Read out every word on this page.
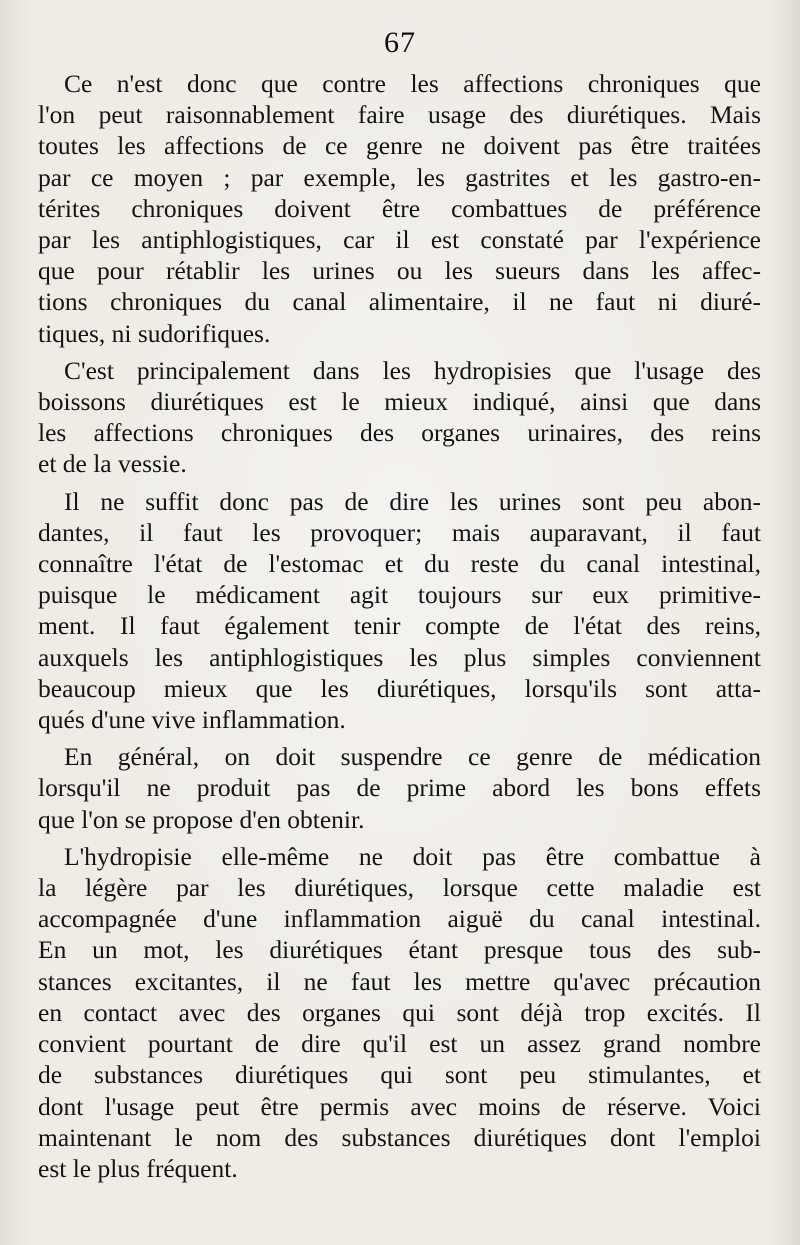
67

Ce n'est donc que contre les affections chroniques que
l'on peut raisonnablement faire usage des diurétiques. Mais
toutes les affections de ce genre ne doivent pas être traitées
par ce moyen ; par exemple, les gastrites et les gastro-en-
térites chroniques doivent être combattues de préférence
par les antiphlogistiques, car il est constaté par l'expérience
que pour rétablir les urines ou les sueurs dans les affec-
tions chroniques du canal alimentaire, il ne faut ni diuré-
tiques, ni sudorifiques.

C'est principalement dans les hydropisies que l'usage des
boissons diurétiques est le mieux indiqué, ainsi que dans
les affections chroniques des organes urinaires, des reins
et de la vessie.

Il ne suffit donc pas de dire les urines sont peu abon-
dantes, il faut les provoquer; mais auparavant, il faut
connaître l'état de l'estomac et du reste du canal intestinal,
puisque le médicament agit toujours sur eux primitive-
ment. Il faut également tenir compte de l'état des reins,
auxquels les antiphlogistiques les plus simples conviennent
beaucoup mieux que les diurétiques, lorsqu'ils sont atta-
qués d'une vive inflammation.

En général, on doit suspendre ce genre de médication
lorsqu'il ne produit pas de prime abord les bons effets
que l'on se propose d'en obtenir.

L'hydropisie elle-même ne doit pas être combattue à
la légère par les diurétiques, lorsque cette maladie est
accompagnée d'une inflammation aiguë du canal intestinal.
En un mot, les diurétiques étant presque tous des sub-
stances excitantes, il ne faut les mettre qu'avec précaution
en contact avec des organes qui sont déjà trop excités. Il
convient pourtant de dire qu'il est un assez grand nombre
de substances diurétiques qui sont peu stimulantes, et
dont l'usage peut être permis avec moins de réserve. Voici
maintenant le nom des substances diurétiques dont l'emploi
est le plus fréquent.
